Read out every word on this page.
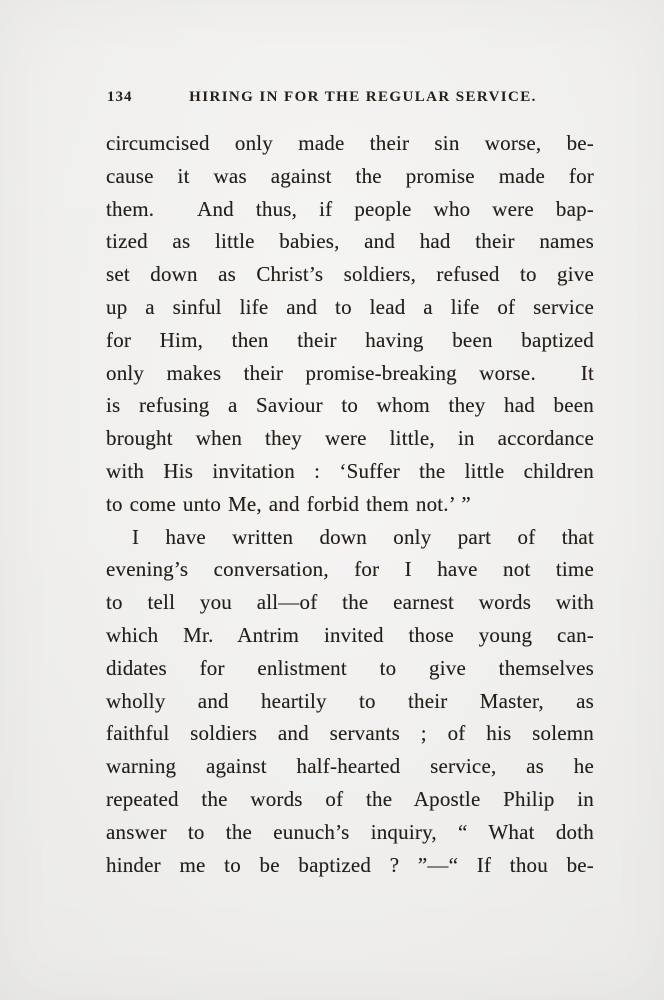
134	HIRING IN FOR THE REGULAR SERVICE.
circumcised only made their sin worse, be-
cause it was against the promise made for
them.  And thus, if people who were bap-
tized as little babies, and had their names
set down as Christ’s soldiers, refused to give
up a sinful life and to lead a life of service
for Him, then their having been baptized
only makes their promise-breaking worse.  It
is refusing a Saviour to whom they had been
brought when they were little, in accordance
with His invitation : ‘Suffer the little children
to come unto Me, and forbid them not.’ ”
I have written down only part of that
evening’s conversation, for I have not time
to tell you all—of the earnest words with
which Mr. Antrim invited those young can-
didates for enlistment to give themselves
wholly and heartily to their Master, as
faithful soldiers and servants ; of his solemn
warning against half-hearted service, as he
repeated the words of the Apostle Philip in
answer to the eunuch’s inquiry, “ What doth
hinder me to be baptized ? ”—“ If thou be-
